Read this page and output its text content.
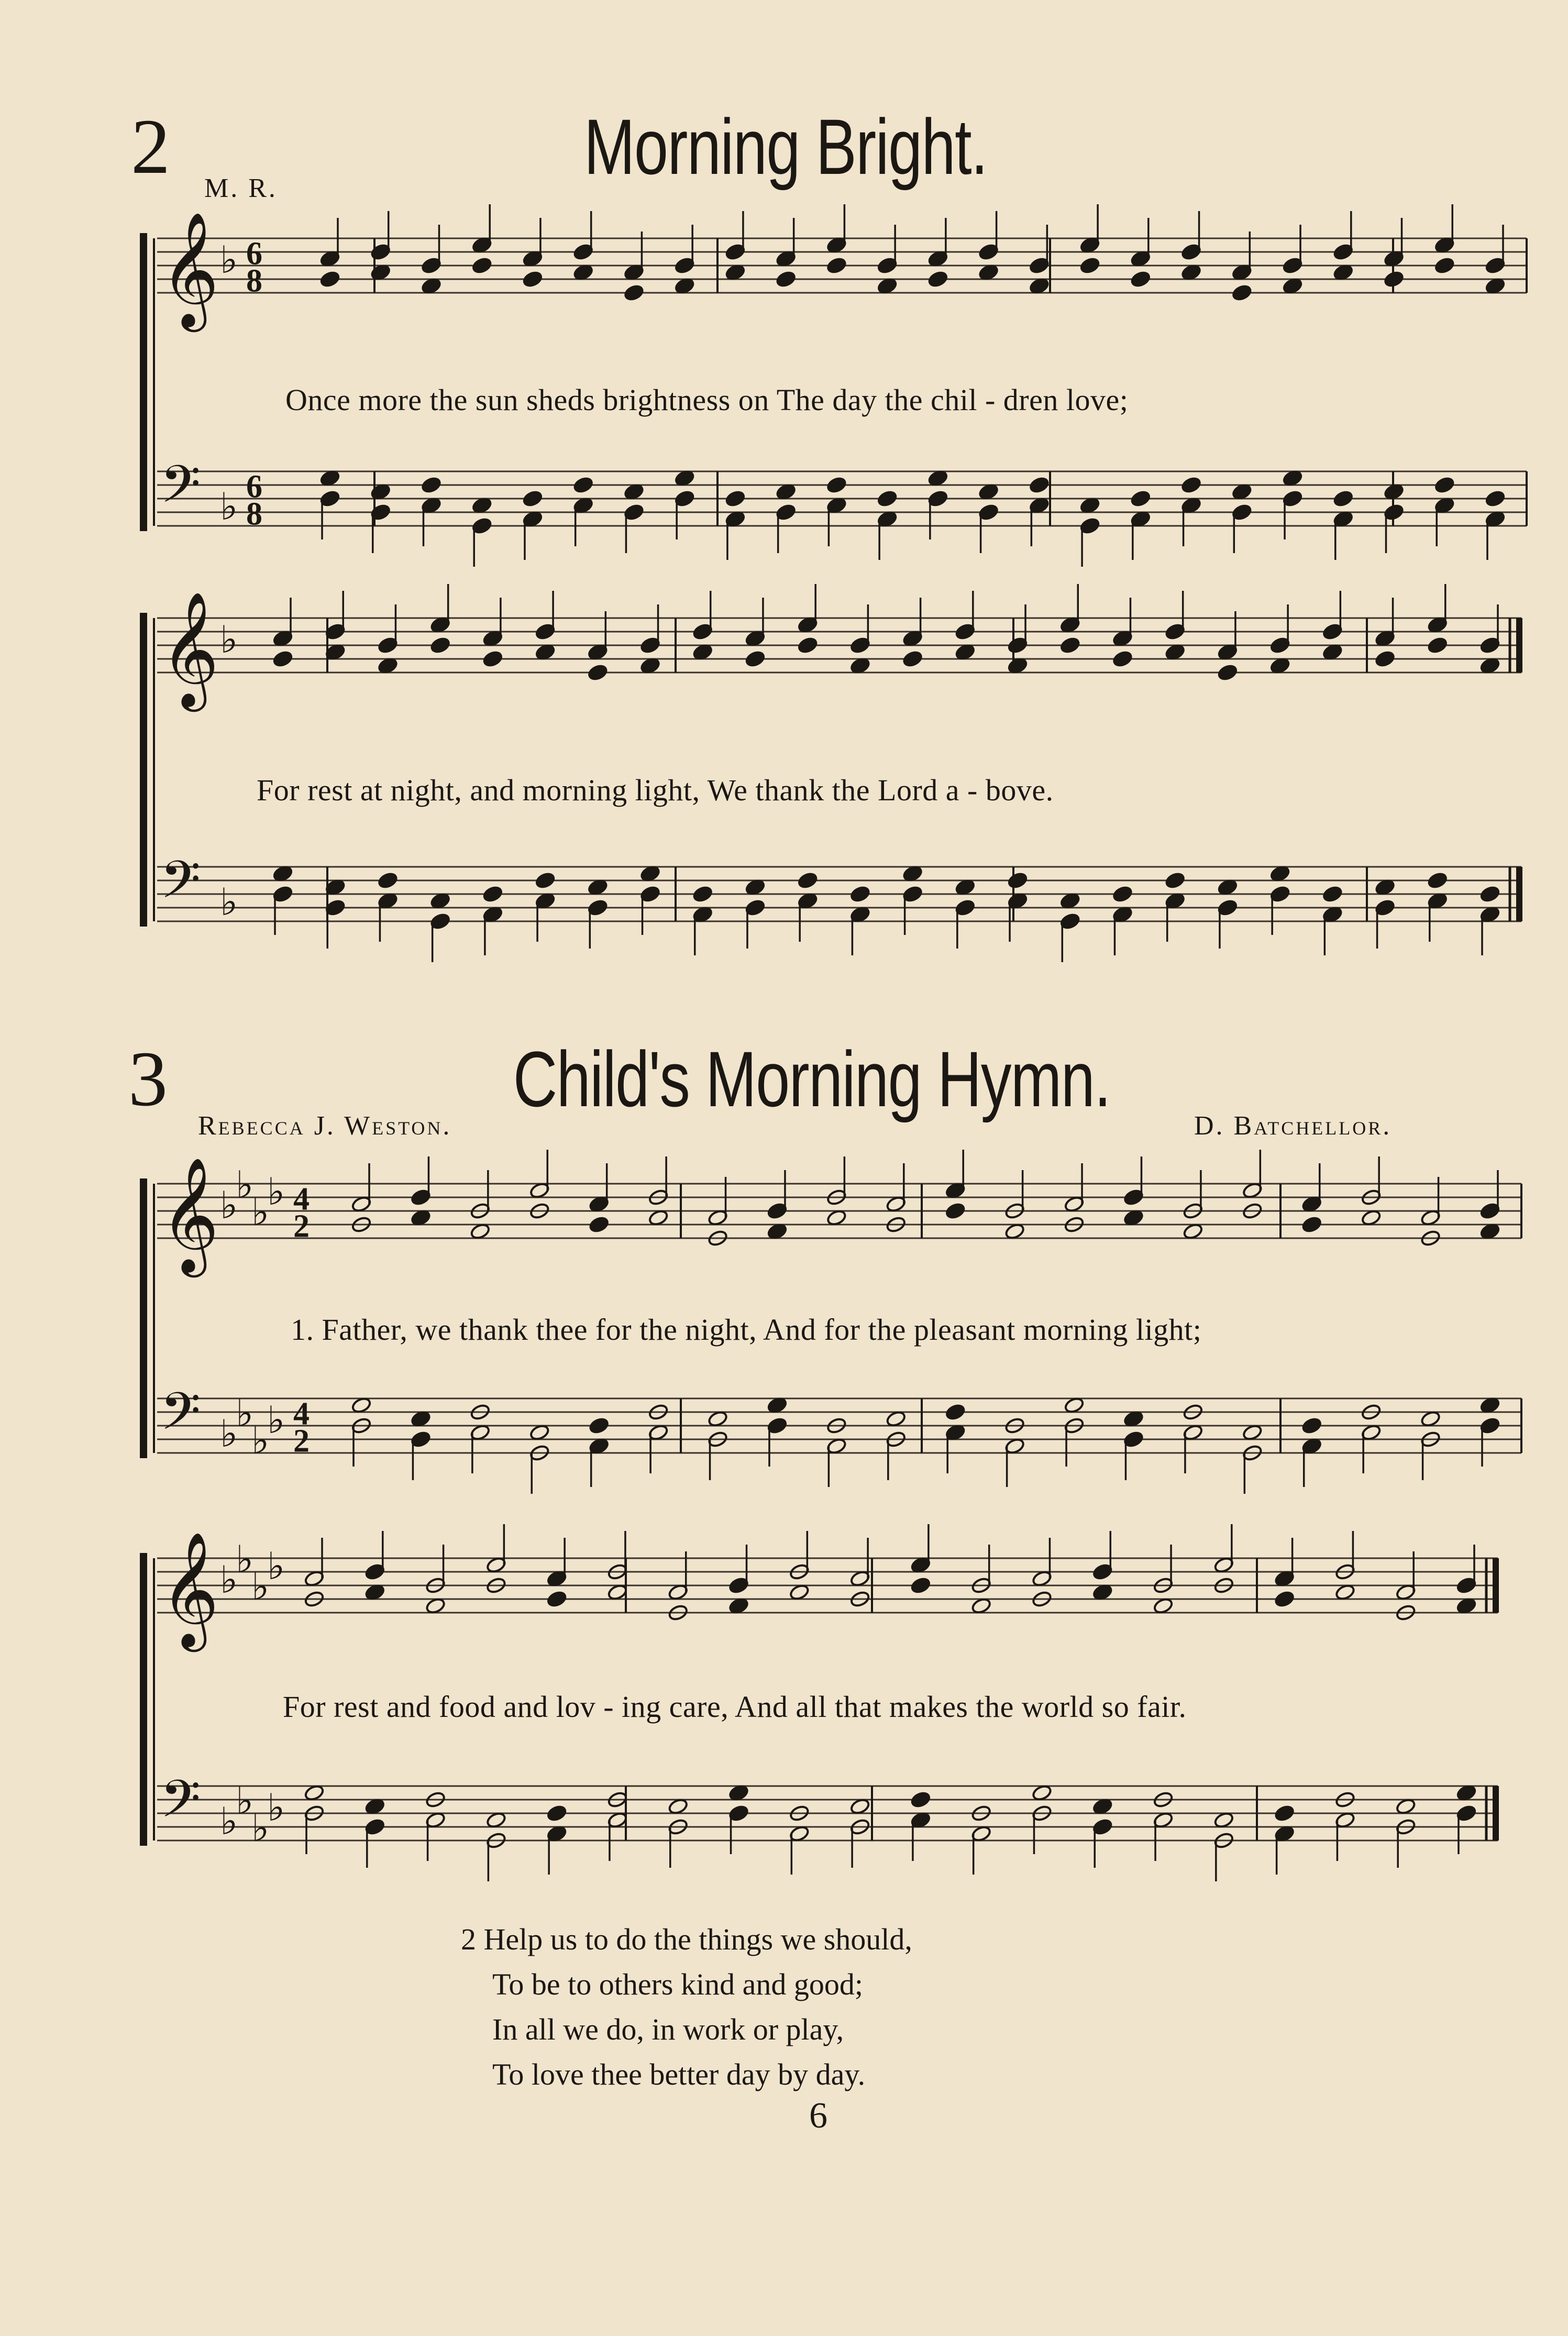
2	Morning Bright.
M. R.
𝄞 ♭
𝄢 ♭
6
8
6
8
Once more the sun sheds brightness on The day the chil - dren love;
𝄞 ♭
𝄢 ♭
For rest at night, and morning light, We thank the Lord a - bove.
3	Child's Morning Hymn.
Rebecca J. Weston.	D. Batchellor.
𝄞 ♭
♭
♭
♭
𝄢 ♭
♭
♭
♭
4
2
4
2
1. Father, we thank thee for the night, And for the pleasant morning light;
𝄞 ♭
♭
♭
♭
𝄢 ♭
♭
♭
♭
For rest and food and lov - ing care, And all that makes the world so fair.
2 Help us to do the things we should,
To be to others kind and good;
In all we do, in work or play,
To love thee better day by day.
6
